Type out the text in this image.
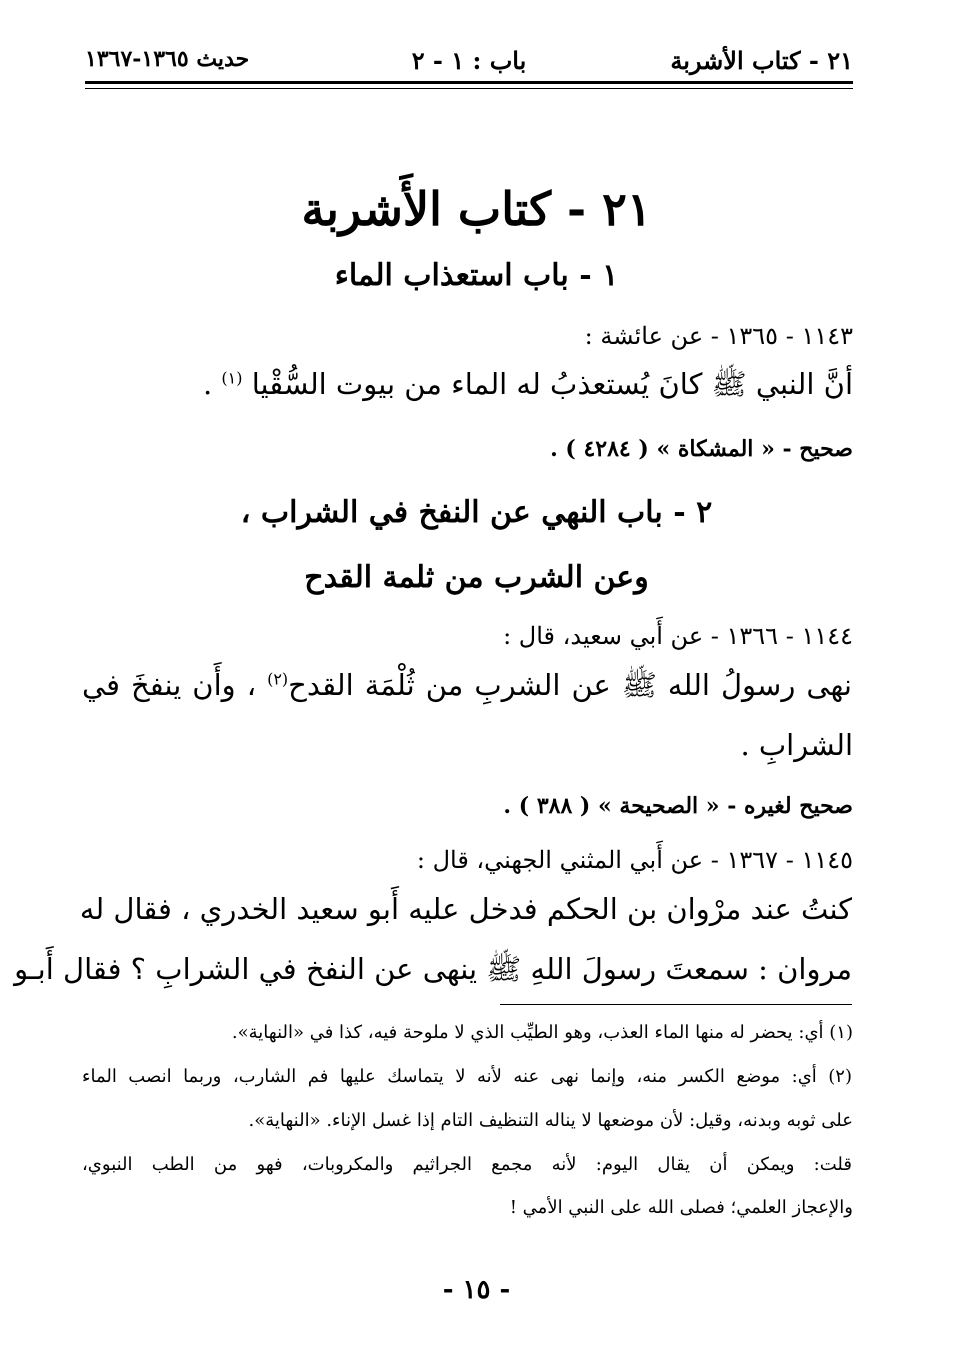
٢١ - كتاب الأشربة
باب : ١ - ٢
حديث ١٣٦٥-١٣٦٧
٢١ - كتاب الأَشربة
١ - باب استعذاب الماء
١١٤٣ - ١٣٦٥ - عن عائشة :
أنَّ النبي ﷺ كانَ يُستعذبُ له الماء من بيوت السُّقْيا $^{(١)}$ .
صحيح - « المشكاة » ( ٤٢٨٤ ) .
٢ - باب النهي عن النفخ في الشراب ،
وعن الشرب من ثلمة القدح
١١٤٤ - ١٣٦٦ - عن أَبي سعيد، قال :
نهى رسولُ الله ﷺ عن الشربِ من ثُلْمَة القدح$^{(٢)}$ ، وأَن ينفخَ في
الشرابِ .
صحيح لغيره - « الصحيحة » ( ٣٨٨ ) .
١١٤٥ - ١٣٦٧ - عن أَبي المثني الجهني، قال :
كنتُ عند مرْوان بن الحكم فدخل عليه أَبو سعيد الخدري ، فقال له
مروان : سمعتَ رسولَ اللهِ ﷺ ينهى عن النفخ في الشرابِ ؟ فقال أَبـو
(١) أي: يحضر له منها الماء العذب، وهو الطيِّب الذي لا ملوحة فيه، كذا في «النهاية».
(٢) أي: موضع الكسر منه، وإنما نهى عنه لأنه لا يتماسك عليها فم الشارب، وربما انصب الماء
على ثوبه وبدنه، وقيل: لأن موضعها لا يناله التنظيف التام إذا غسل الإناء. «النهاية».
قلت: ويمكن أن يقال اليوم: لأنه مجمع الجراثيم والمكروبات، فهو من الطب النبوي،
والإعجاز العلمي؛ فصلى الله على النبي الأمي !
- ١٥ -
